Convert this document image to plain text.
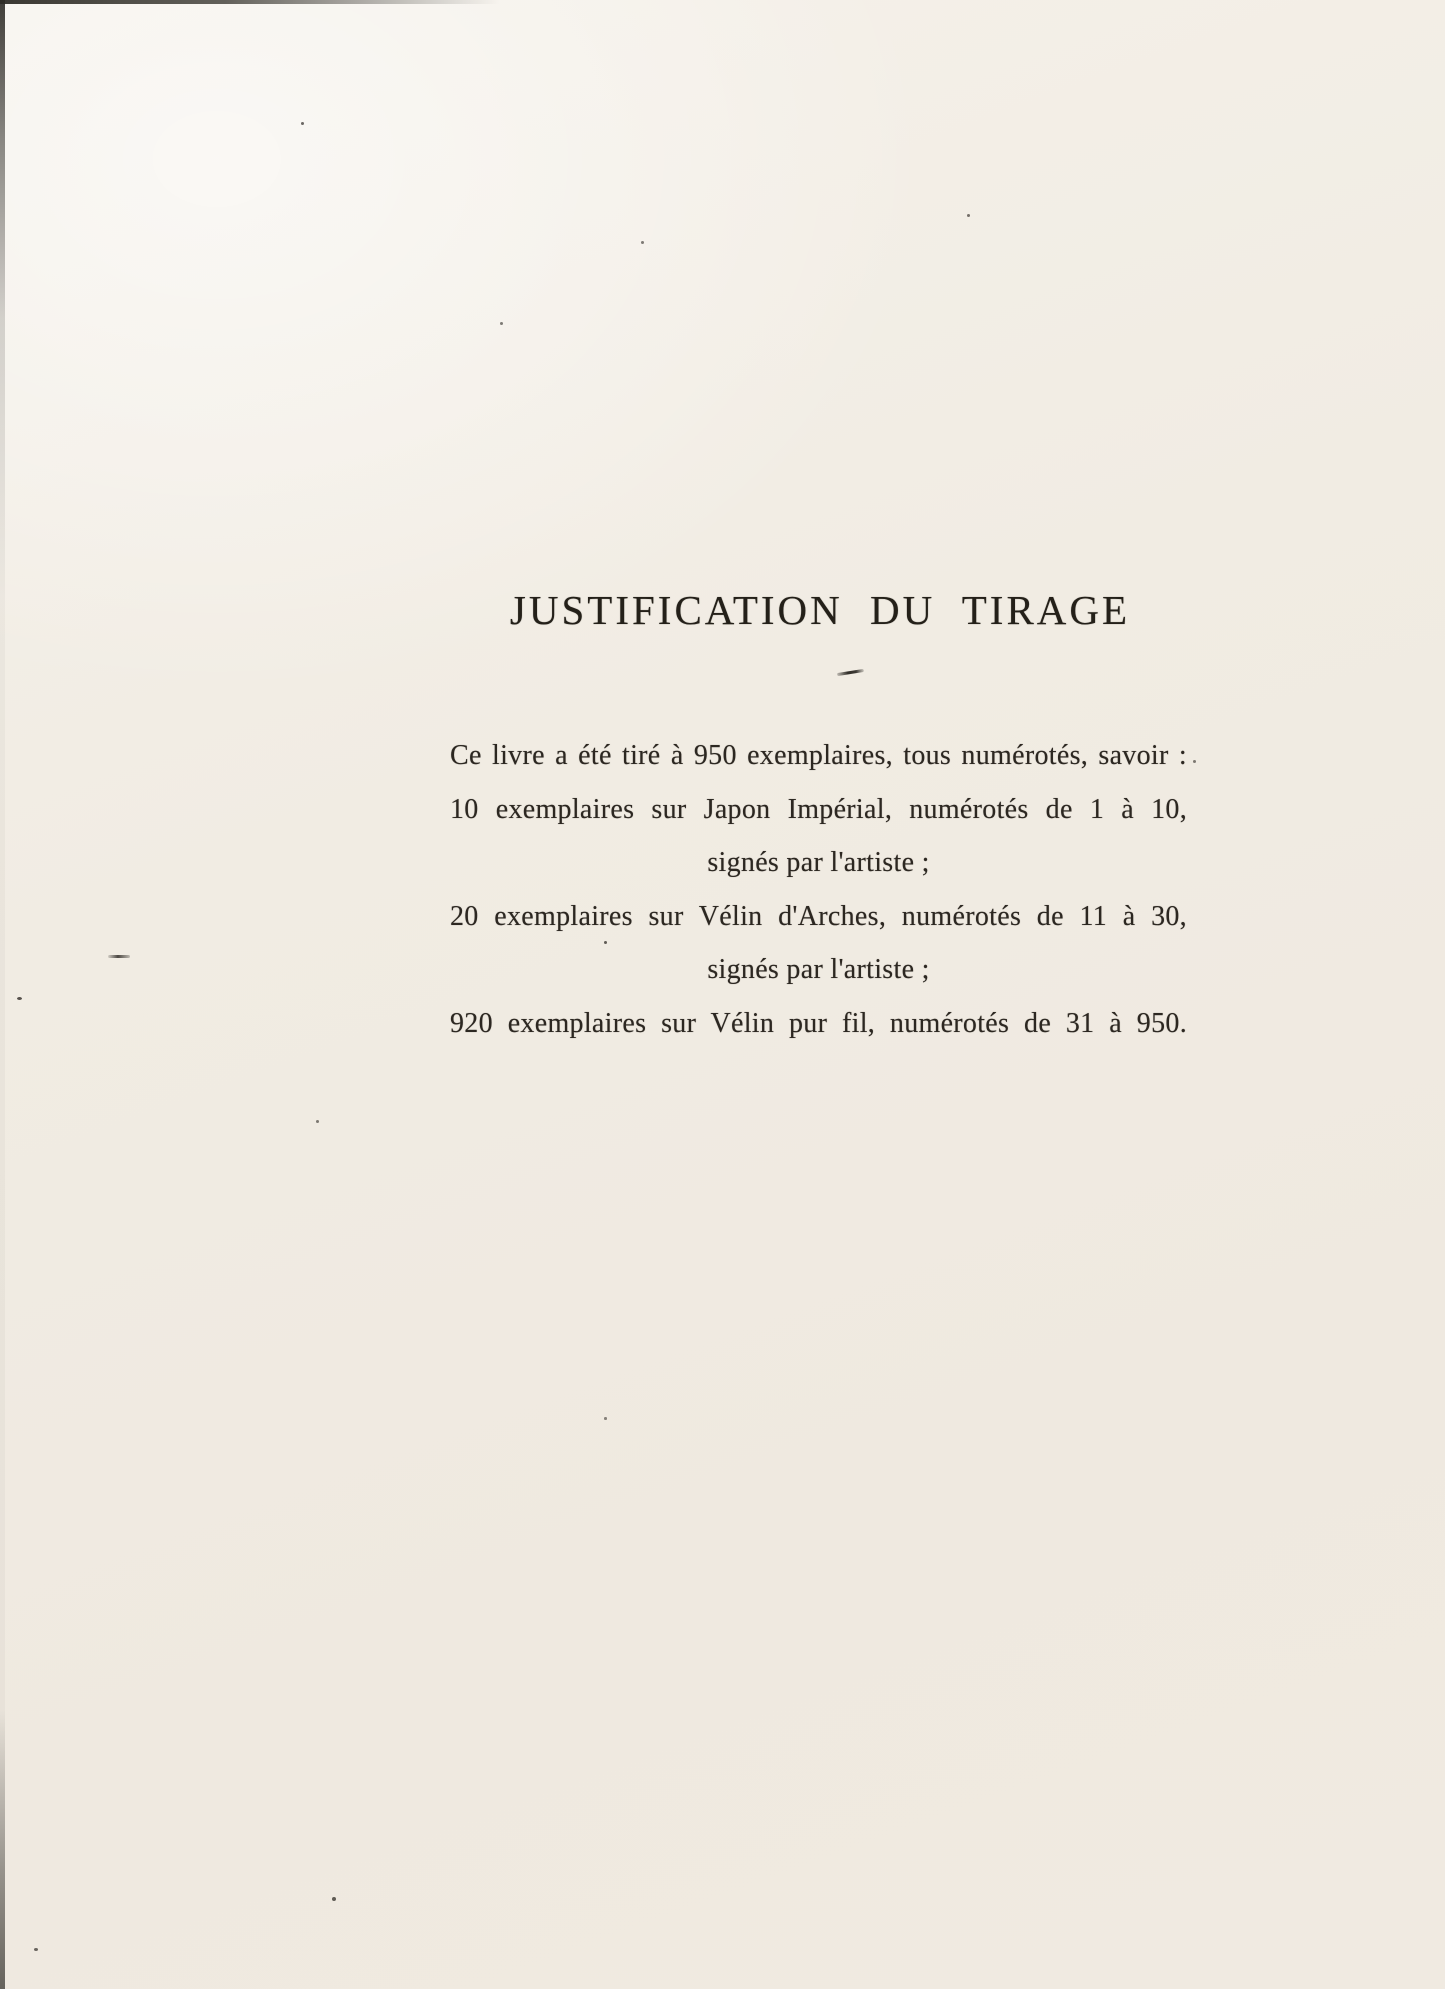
JUSTIFICATION DU TIRAGE

Ce livre a été tiré à 950 exemplaires, tous numérotés, savoir :

10 exemplaires sur Japon Impérial, numérotés de 1 à 10,

signés par l'artiste ;

20 exemplaires sur Vélin d'Arches, numérotés de 11 à 30,

signés par l'artiste ;

920 exemplaires sur Vélin pur fil, numérotés de 31 à 950.
